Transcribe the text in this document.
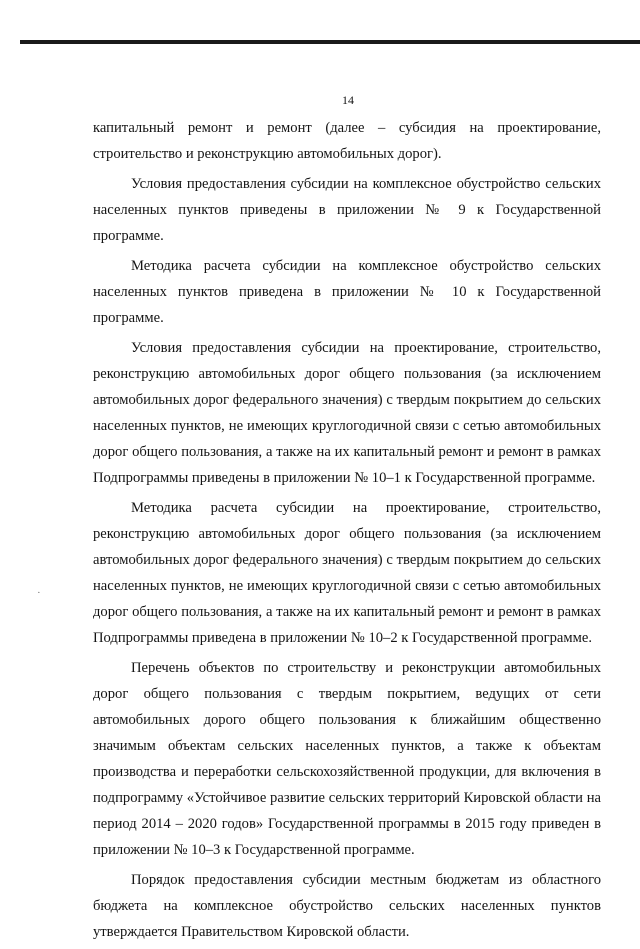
14
·

капитальный ремонт и ремонт (далее – субсидия на проектирование, строительство и реконструкцию автомобильных дорог).

Условия предоставления субсидии на комплексное обустройство сельских населенных пунктов приведены в приложении № 9 к Государственной программе.

Методика расчета субсидии на комплексное обустройство сельских населенных пунктов приведена в приложении № 10 к Государственной программе.

Условия предоставления субсидии на проектирование, строительство, реконструкцию автомобильных дорог общего пользования (за исключением автомобильных дорог федерального значения) с твердым покрытием до сельских населенных пунктов, не имеющих круглогодичной связи с сетью автомобильных дорог общего пользования, а также на их капитальный ремонт и ремонт в рамках Подпрограммы приведены в приложении № 10–1 к Государственной программе.

Методика расчета субсидии на проектирование, строительство, реконструкцию автомобильных дорог общего пользования (за исключением автомобильных дорог федерального значения) с твердым покрытием до сельских населенных пунктов, не имеющих круглогодичной связи с сетью автомобильных дорог общего пользования, а также на их капитальный ремонт и ремонт в рамках Подпрограммы приведена в приложении № 10–2 к Государственной программе.

Перечень объектов по строительству и реконструкции автомобильных дорог общего пользования с твердым покрытием, ведущих от сети автомобильных дорого общего пользования к ближайшим общественно значимым объектам сельских населенных пунктов, а также к объектам производства и переработки сельскохозяйственной продукции, для включения в подпрограмму «Устойчивое развитие сельских территорий Кировской области на период 2014 – 2020 годов» Государственной программы в 2015 году приведен в приложении № 10–3 к Государственной программе.

Порядок предоставления субсидии местным бюджетам из областного бюджета на комплексное обустройство сельских населенных пунктов утверждается Правительством Кировской области.
